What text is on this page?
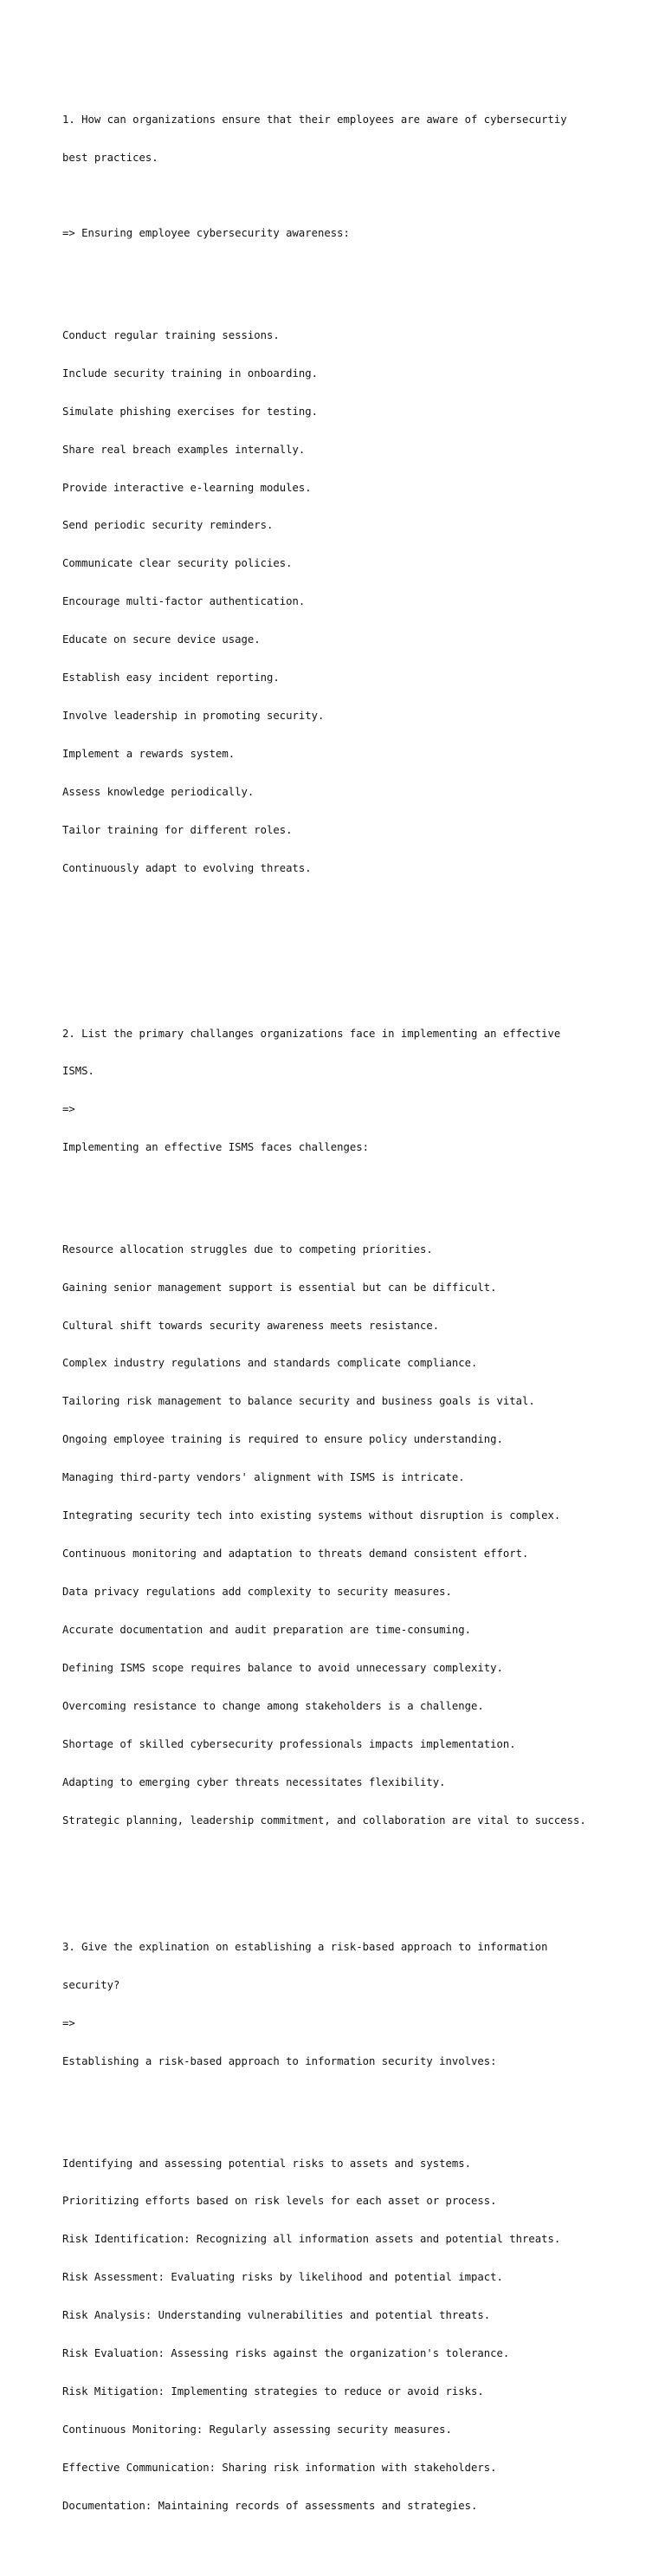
1. How can organizations ensure that their employees are aware of cybersecurtiy

best practices.

=> Ensuring employee cybersecurity awareness:

Conduct regular training sessions.

Include security training in onboarding.

Simulate phishing exercises for testing.

Share real breach examples internally.

Provide interactive e-learning modules.

Send periodic security reminders.

Communicate clear security policies.

Encourage multi-factor authentication.

Educate on secure device usage.

Establish easy incident reporting.

Involve leadership in promoting security.

Implement a rewards system.

Assess knowledge periodically.

Tailor training for different roles.

Continuously adapt to evolving threats.

2. List the primary challanges organizations face in implementing an effective

ISMS.

=>

Implementing an effective ISMS faces challenges:

Resource allocation struggles due to competing priorities.

Gaining senior management support is essential but can be difficult.

Cultural shift towards security awareness meets resistance.

Complex industry regulations and standards complicate compliance.

Tailoring risk management to balance security and business goals is vital.

Ongoing employee training is required to ensure policy understanding.

Managing third-party vendors' alignment with ISMS is intricate.

Integrating security tech into existing systems without disruption is complex.

Continuous monitoring and adaptation to threats demand consistent effort.

Data privacy regulations add complexity to security measures.

Accurate documentation and audit preparation are time-consuming.

Defining ISMS scope requires balance to avoid unnecessary complexity.

Overcoming resistance to change among stakeholders is a challenge.

Shortage of skilled cybersecurity professionals impacts implementation.

Adapting to emerging cyber threats necessitates flexibility.

Strategic planning, leadership commitment, and collaboration are vital to success.

3. Give the explination on establishing a risk-based approach to information

security?

=>

Establishing a risk-based approach to information security involves:

Identifying and assessing potential risks to assets and systems.

Prioritizing efforts based on risk levels for each asset or process.

Risk Identification: Recognizing all information assets and potential threats.

Risk Assessment: Evaluating risks by likelihood and potential impact.

Risk Analysis: Understanding vulnerabilities and potential threats.

Risk Evaluation: Assessing risks against the organization's tolerance.

Risk Mitigation: Implementing strategies to reduce or avoid risks.

Continuous Monitoring: Regularly assessing security measures.

Effective Communication: Sharing risk information with stakeholders.

Documentation: Maintaining records of assessments and strategies.
